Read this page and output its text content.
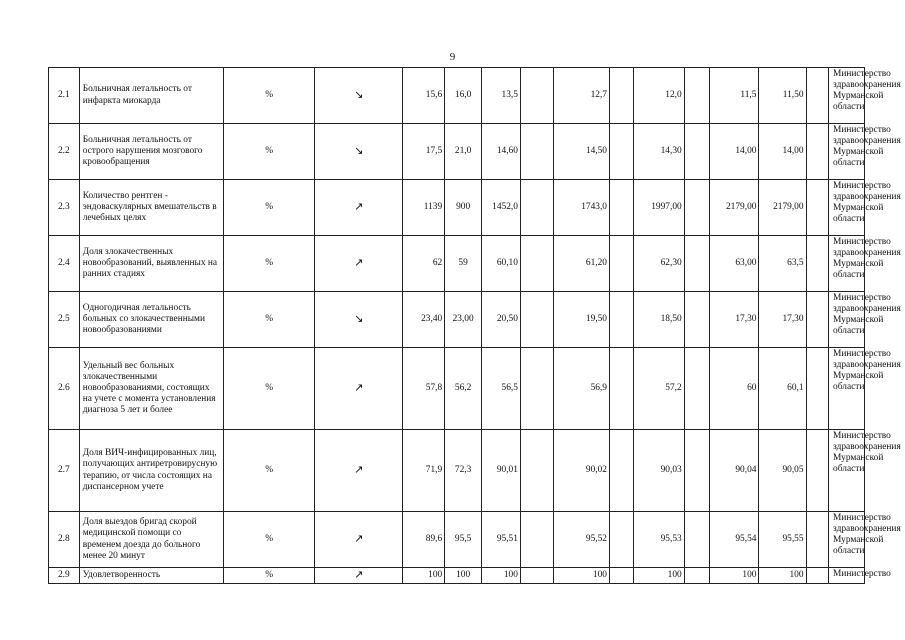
9
2.1	Больничная летальность от инфаркта миокарда	%	↘	15,6	16,0	13,5		12,7		12,0		11,5	11,50		Министерство здравоохранения Мурманской области
2.2	Больничная летальность от острого нарушения мозгового кровообращения	%	↘	17,5	21,0	14,60		14,50		14,30		14,00	14,00		Министерство здравоохранения Мурманской области
2.3	Количество рентген - эндоваскулярных вмешательств в лечебных целях	%	↗	1139	900	1452,0		1743,0		1997,00		2179,00	2179,00		Министерство здравоохранения Мурманской области
2.4	Доля злокачественных новообразований, выявленных на ранних стадиях	%	↗	62	59	60,10		61,20		62,30		63,00	63,5		Министерство здравоохранения Мурманской области
2.5	Одногодичная летальность больных со злокачественными новообразованиями	%	↘	23,40	23,00	20,50		19,50		18,50		17,30	17,30		Министерство здравоохранения Мурманской области
2.6	Удельный вес больных злокачественными новообразованиями, состоящих на учете с момента установления диагноза 5 лет и более	%	↗	57,8	56,2	56,5		56,9		57,2		60	60,1		Министерство здравоохранения Мурманской области
2.7	Доля ВИЧ-инфицированных лиц, получающих антиретровирусную терапию, от числа состоящих на диспансерном учете	%	↗	71,9	72,3	90,01		90,02		90,03		90,04	90,05		Министерство здравоохранения Мурманской области
2.8	Доля выездов бригад скорой медицинской помощи со временем доезда до больного менее 20 минут	%	↗	89,6	95,5	95,51		95,52		95,53		95,54	95,55		Министерство здравоохранения Мурманской области
2.9	Удовлетворенность	%	↗	100	100	100		100		100		100	100		Министерство
